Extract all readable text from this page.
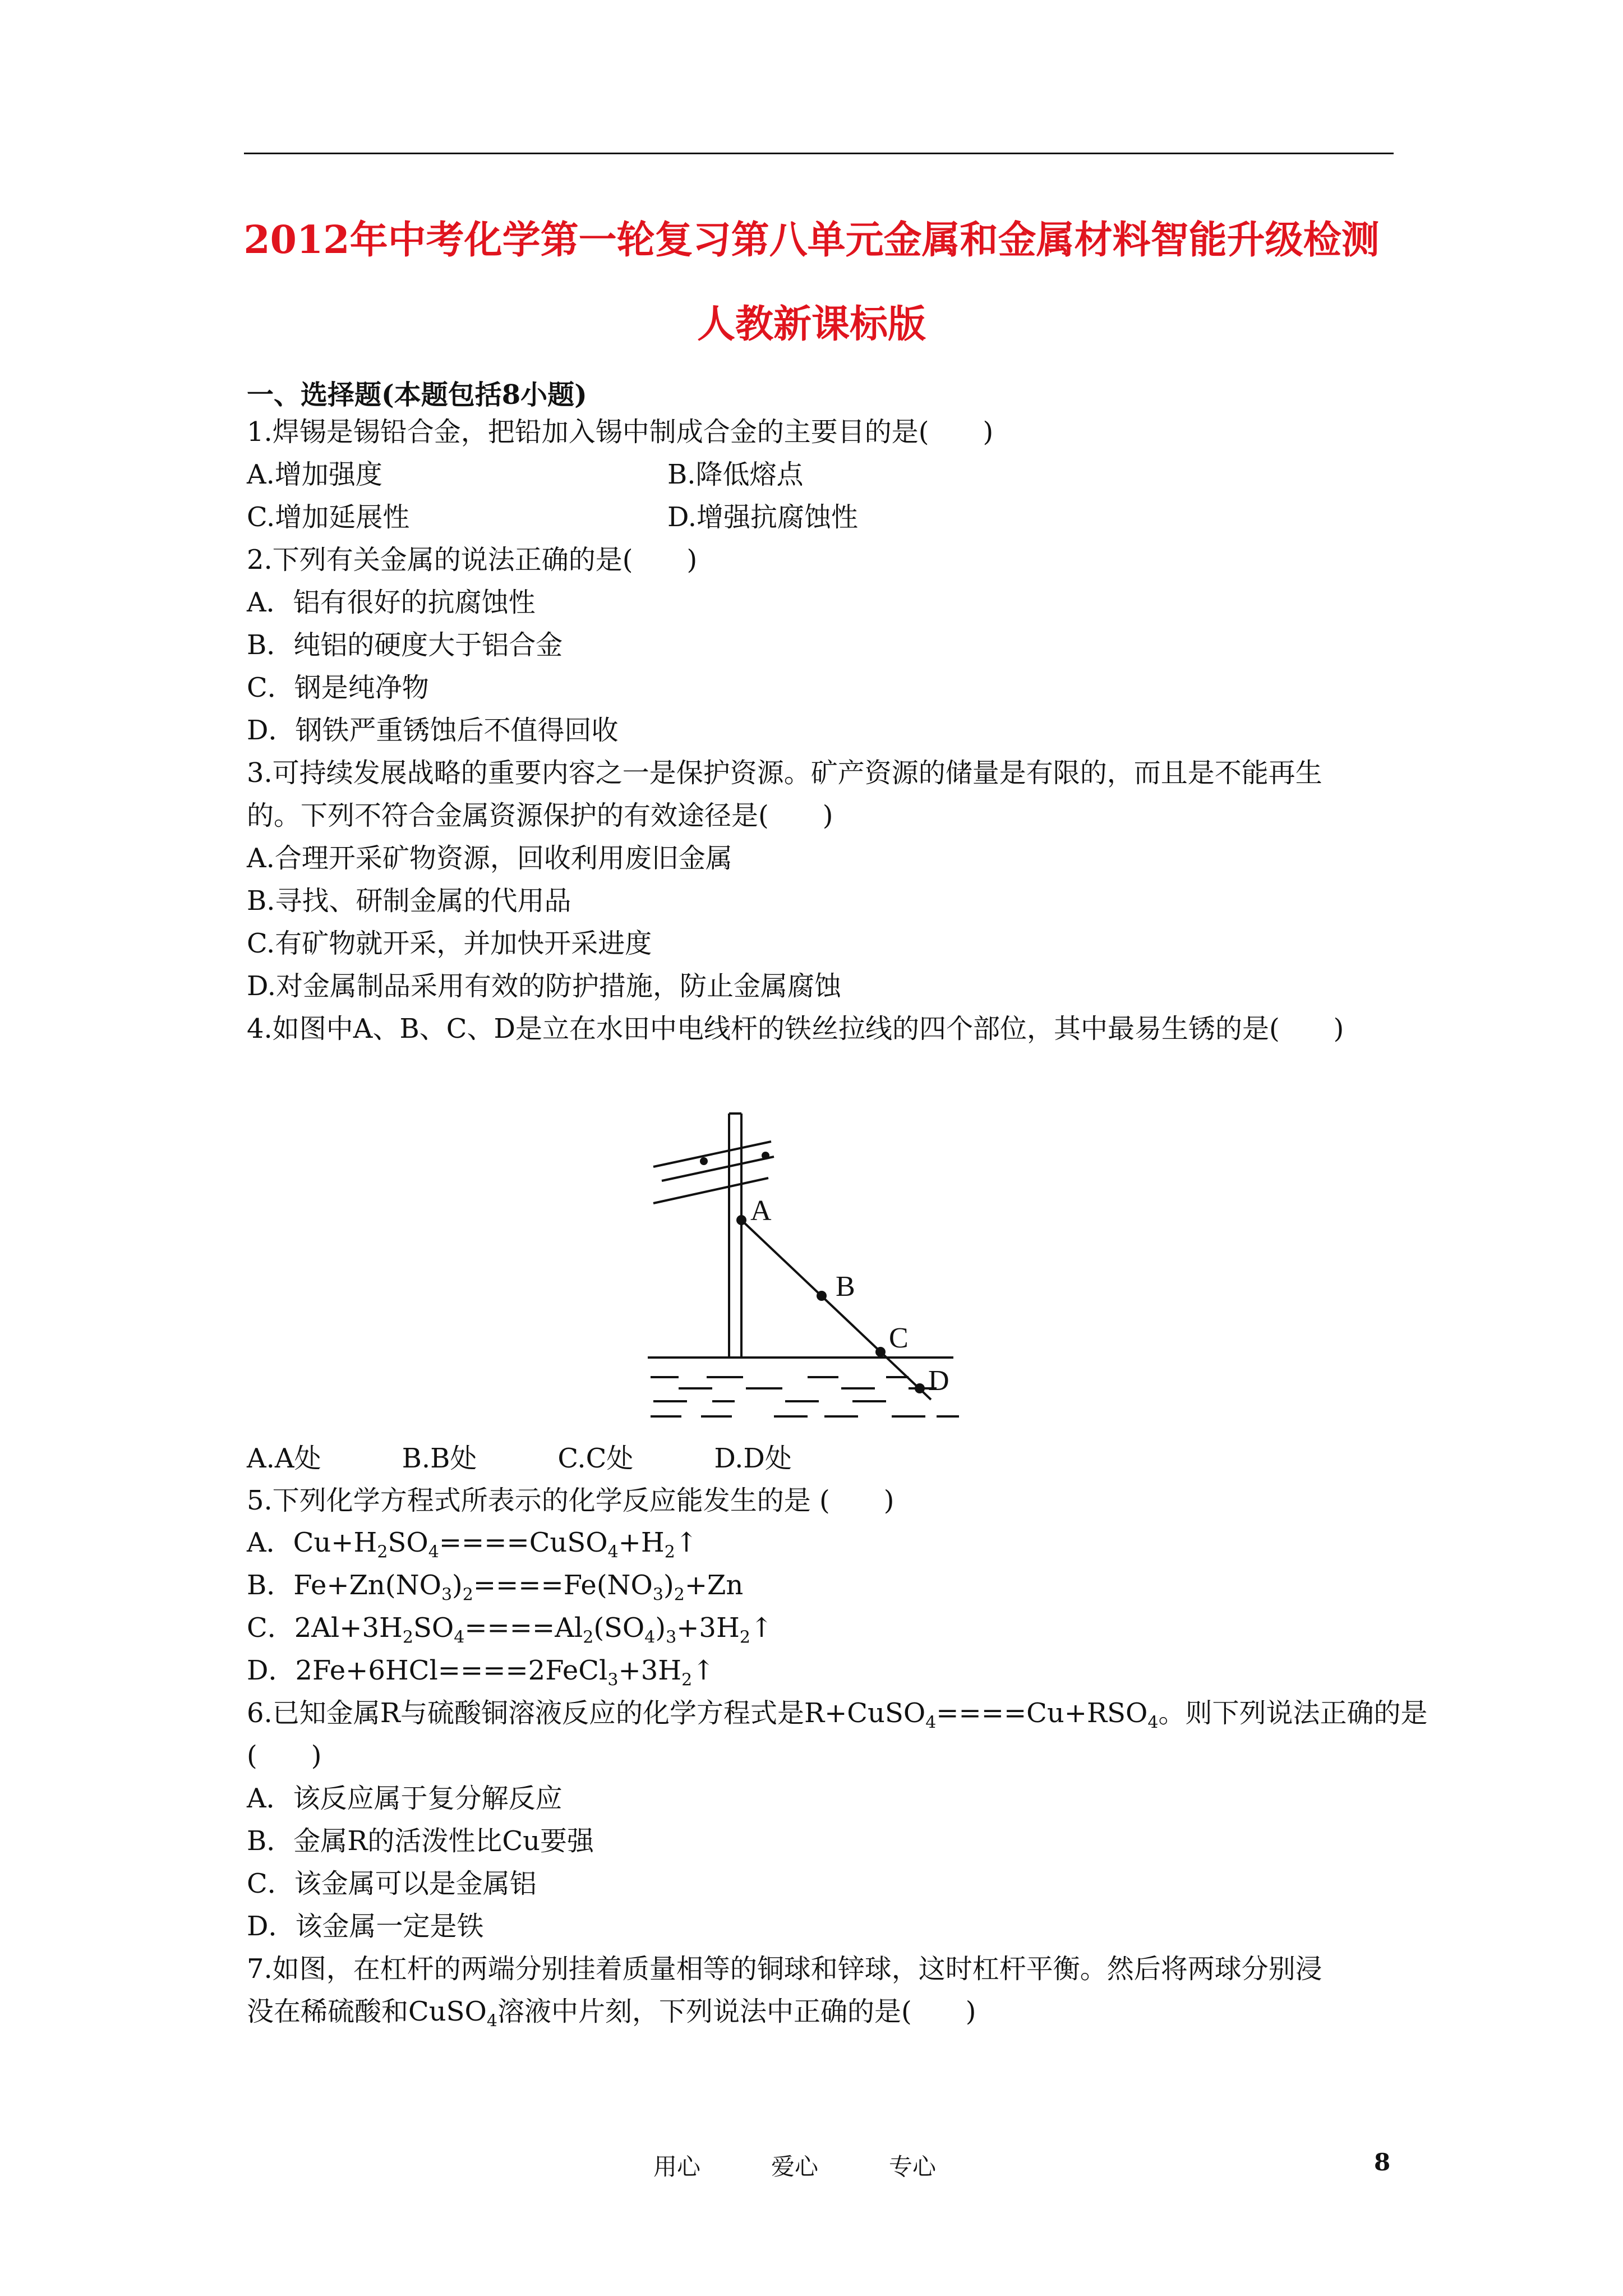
2012年中考化学第一轮复习第八单元金属和金属材料智能升级检测
人教新课标版
一、选择题(本题包括8小题)
1.焊锡是锡铅合金，把铅加入锡中制成合金的主要目的是(　　)
A.增加强度	B.降低熔点
C.增加延展性	D.增强抗腐蚀性
2.下列有关金属的说法正确的是(　　)
A．铝有很好的抗腐蚀性
B．纯铝的硬度大于铝合金
C．钢是纯净物
D．钢铁严重锈蚀后不值得回收
3.可持续发展战略的重要内容之一是保护资源。矿产资源的储量是有限的，而且是不能再生
的。下列不符合金属资源保护的有效途径是(　　)
A.合理开采矿物资源，回收利用废旧金属
B.寻找、研制金属的代用品
C.有矿物就开采，并加快开采进度
D.对金属制品采用有效的防护措施，防止金属腐蚀
4.如图中A、B、C、D是立在水田中电线杆的铁丝拉线的四个部位，其中最易生锈的是(　　)
A
B
C
D
A.A处　　　B.B处　　　C.C处　　　D.D处
5.下列化学方程式所表示的化学反应能发生的是 (　　)
A．$Cu+H_2SO_4====CuSO_4+H_2↑$
B．$Fe+Zn(NO_3)_2====Fe(NO_3)_2+Zn$
C．$2Al+3H_2SO_4====Al_2(SO_4)_3+3H_2↑$
D．$2Fe+6HCl====2FeCl_3+3H_2↑$
6.已知金属R与硫酸铜溶液反应的化学方程式是$R+CuSO_4====Cu+RSO_4$。则下列说法正确的是
(　　)
A．该反应属于复分解反应
B．金属R的活泼性比Cu要强
C．该金属可以是金属铝
D．该金属一定是铁
7.如图，在杠杆的两端分别挂着质量相等的铜球和锌球，这时杠杆平衡。然后将两球分别浸
没在稀硫酸和CuSO$_4$溶液中片刻，下列说法中正确的是(　　)
用心　　　爱心　　　专心	8
